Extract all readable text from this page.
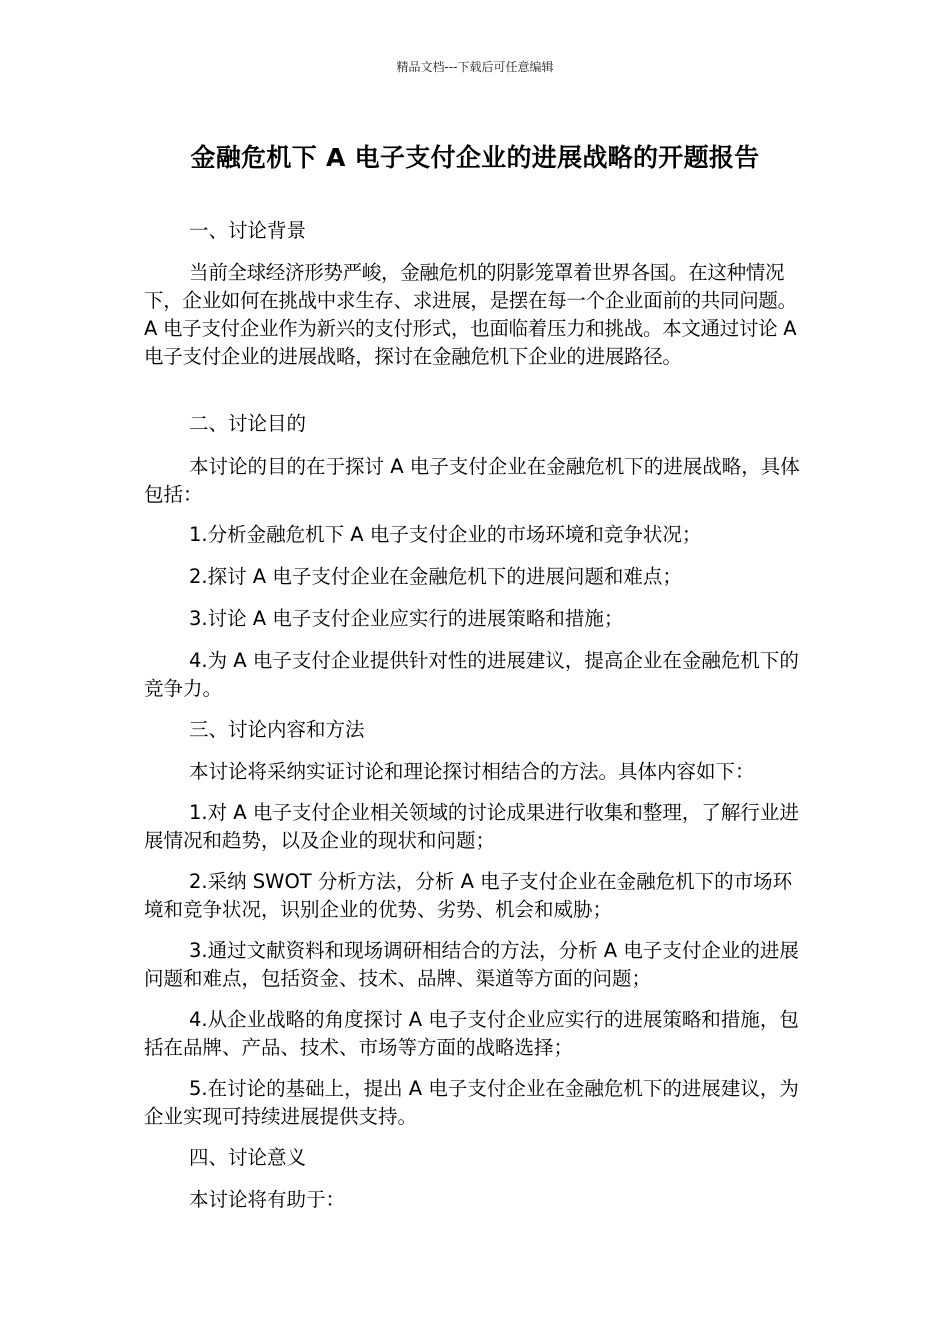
精品文档---下载后可任意编辑
金融危机下 A 电子支付企业的进展战略的开题报告

一、讨论背景

当前全球经济形势严峻，金融危机的阴影笼罩着世界各国。在这种情况下，企业如何在挑战中求生存、求进展，是摆在每一个企业面前的共同问题。A 电子支付企业作为新兴的支付形式，也面临着压力和挑战。本文通过讨论 A 电子支付企业的进展战略，探讨在金融危机下企业的进展路径。

二、讨论目的

本讨论的目的在于探讨 A 电子支付企业在金融危机下的进展战略，具体包括：

1.分析金融危机下 A 电子支付企业的市场环境和竞争状况；

2.探讨 A 电子支付企业在金融危机下的进展问题和难点；

3.讨论 A 电子支付企业应实行的进展策略和措施；

4.为 A 电子支付企业提供针对性的进展建议，提高企业在金融危机下的竞争力。

三、讨论内容和方法

本讨论将采纳实证讨论和理论探讨相结合的方法。具体内容如下：

1.对 A 电子支付企业相关领域的讨论成果进行收集和整理，了解行业进展情况和趋势，以及企业的现状和问题；

2.采纳 SWOT 分析方法，分析 A 电子支付企业在金融危机下的市场环境和竞争状况，识别企业的优势、劣势、机会和威胁；

3.通过文献资料和现场调研相结合的方法，分析 A 电子支付企业的进展问题和难点，包括资金、技术、品牌、渠道等方面的问题；

4.从企业战略的角度探讨 A 电子支付企业应实行的进展策略和措施，包括在品牌、产品、技术、市场等方面的战略选择；

5.在讨论的基础上，提出 A 电子支付企业在金融危机下的进展建议，为企业实现可持续进展提供支持。

四、讨论意义

本讨论将有助于：
